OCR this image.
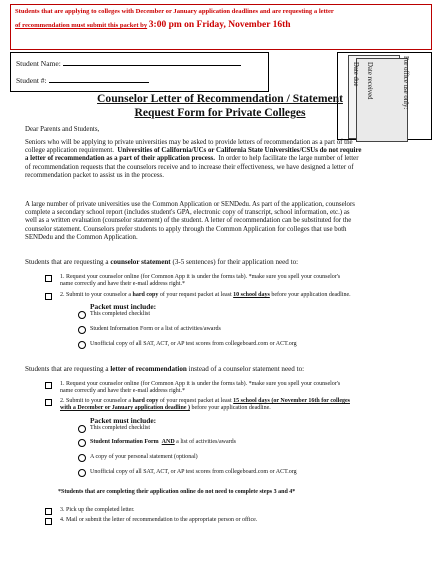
Students that are applying to colleges with December or January application deadlines and are requesting a letter
of recommendation must submit this packet by 3:00 pm on Friday, November 16th
Student Name:
Student #:	Date due Date received	For office use only:
Counselor Letter of Recommendation / Statement
Request Form for Private Colleges
Dear Parents and Students,
Seniors who will be applying to private universities may be asked to provide letters of recommendation as a part of the
college application requirement. Universities of California/UCs or California State Universities/CSUs do not require
a letter of recommendation as a part of their application process. In order to help facilitate the large number of letter
of recommendation requests that the counselors receive and to increase their effectiveness, we have designed a letter of
recommendation packet to assist us in the process.
A large number of private universities use the Common Application or SENDedu. As part of the application, counselors
complete a secondary school report (includes student's GPA, electronic copy of transcript, school information, etc.) as
well as a written evaluation (counselor statement) of the student. A letter of recommendation can be substituted for the
counselor statement. Counselors prefer students to apply through the Common Application for colleges that use both
SENDedu and the Common Application.
Students that are requesting a counselor statement (3-5 sentences) for their application need to:
1. Request your counselor online (for Common App it is under the forms tab). *make sure you spell your counselor's
name correctly and have their e-mail address right.*
2. Submit to your counselor a hard copy of your request packet at least 10 school days before your application deadline.
Packet must include:
This completed checklist
Student Information Form or a list of activities/awards
Unofficial copy of all SAT, ACT, or AP test scores from collegeboard.com or ACT.org
Students that are requesting a letter of recommendation instead of a counselor statement need to:
1. Request your counselor online (for Common App it is under the forms tab). *make sure you spell your counselor's
name correctly and have their e-mail address right.*
2. Submit to your counselor a hard copy of your request packet at least 15 school days (or November 16th for colleges
with a December or January application deadline ) before your application deadline.
Packet must include:
This completed checklist
Student Information Form AND a list of activities/awards
A copy of your personal statement (optional)
Unofficial copy of all SAT, ACT, or AP test scores from collegeboard.com or ACT.org
*Students that are completing their application online do not need to complete steps 3 and 4*
3. Pick up the completed letter.
4. Mail or submit the letter of recommendation to the appropriate person or office.
